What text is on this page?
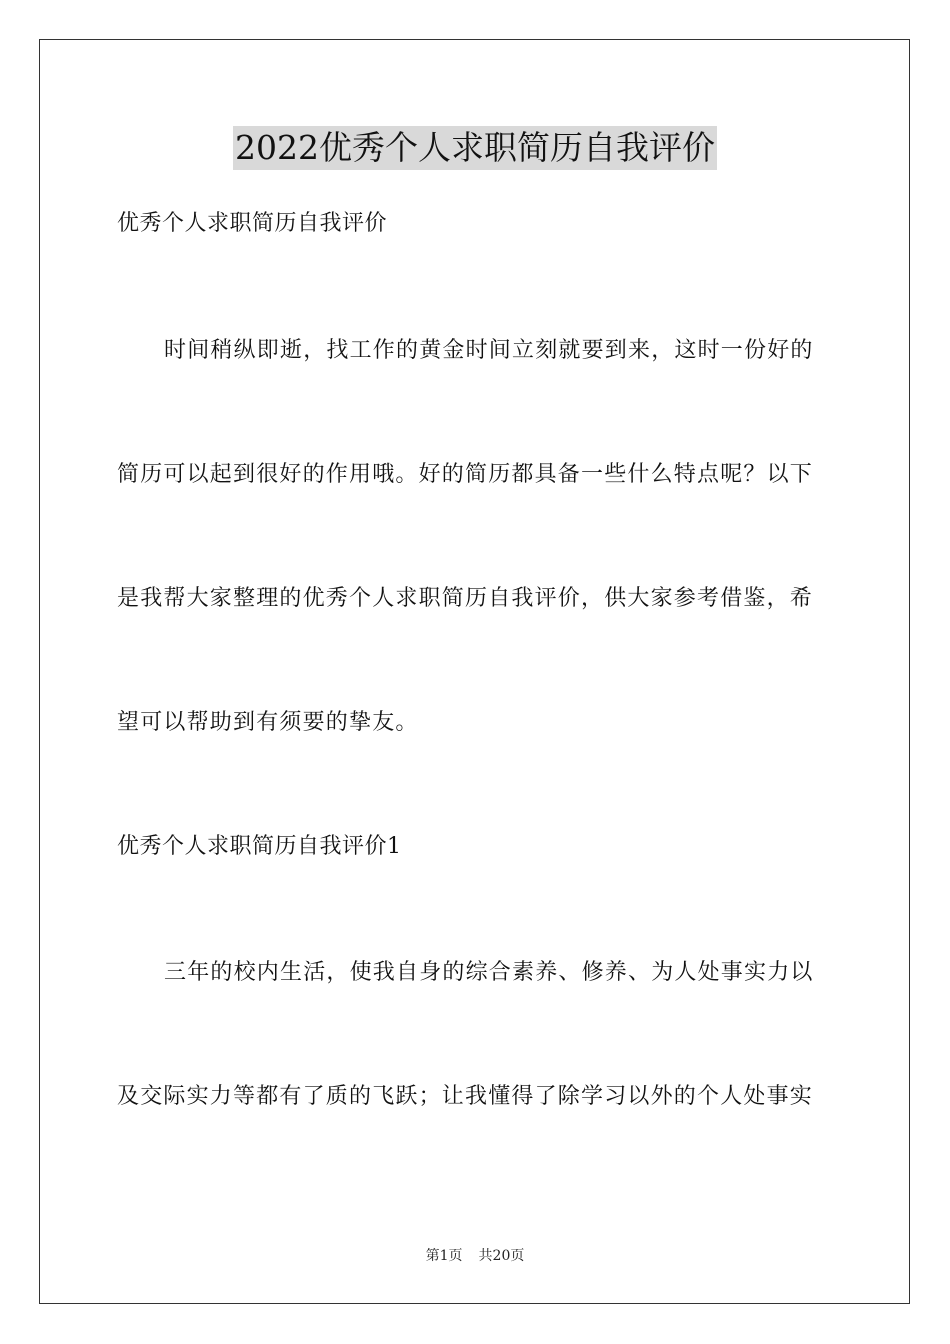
2022优秀个人求职简历自我评价
优秀个人求职简历自我评价
时间稍纵即逝，找工作的黄金时间立刻就要到来，这时一份好的
简历可以起到很好的作用哦。好的简历都具备一些什么特点呢？以下
是我帮大家整理的优秀个人求职简历自我评价，供大家参考借鉴，希
望可以帮助到有须要的挚友。
优秀个人求职简历自我评价1
三年的校内生活，使我自身的综合素养、修养、为人处事实力以
及交际实力等都有了质的飞跃；让我懂得了除学习以外的个人处事实
第1页 共20页
